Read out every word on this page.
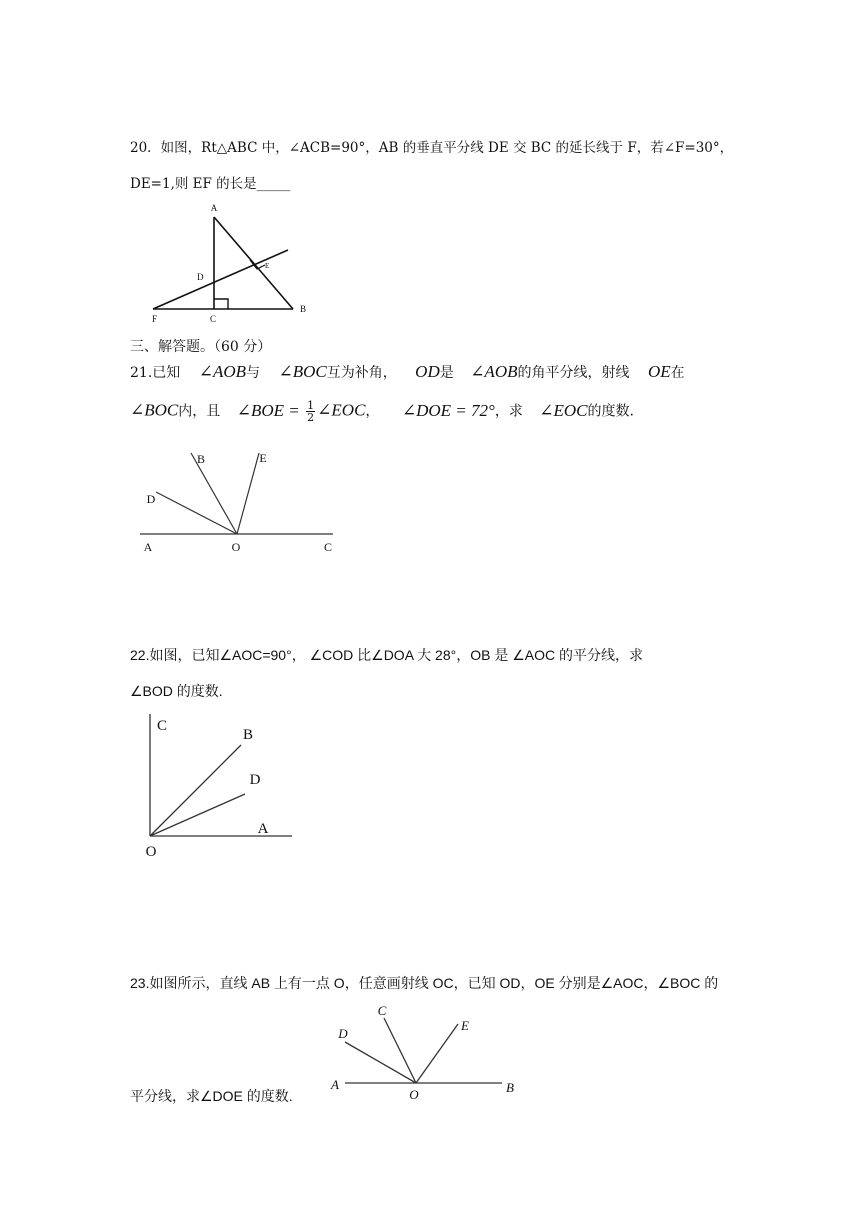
20．如图，Rt△ABC 中，∠ACB=90°，AB 的垂直平分线 DE 交 BC 的延长线于 F，若∠F=30°，
DE=1,则 EF 的长是_____
A
B
C
D
E
F
三、解答题。（60 分）
21.已知 ∠AOB与 ∠BOC互为补角， OD是 ∠AOB的角平分线，射线 OE在
∠BOC内，且 ∠BOE = $\frac{1}{2}$ ∠EOC， ∠DOE = 72°，求 ∠EOC的度数.
A	O	C
B	E
D
22.如图，已知∠AOC=90°， ∠COD 比∠DOA 大 28°，OB 是 ∠AOC 的平分线，求
∠BOD 的度数.
C
B
D
A
O
23.如图所示，直线 AB 上有一点 O，任意画射线 OC，已知 OD，OE 分别是∠AOC，∠BOC 的
平分线，求∠DOE 的度数.
A
O	B
C
E
D
